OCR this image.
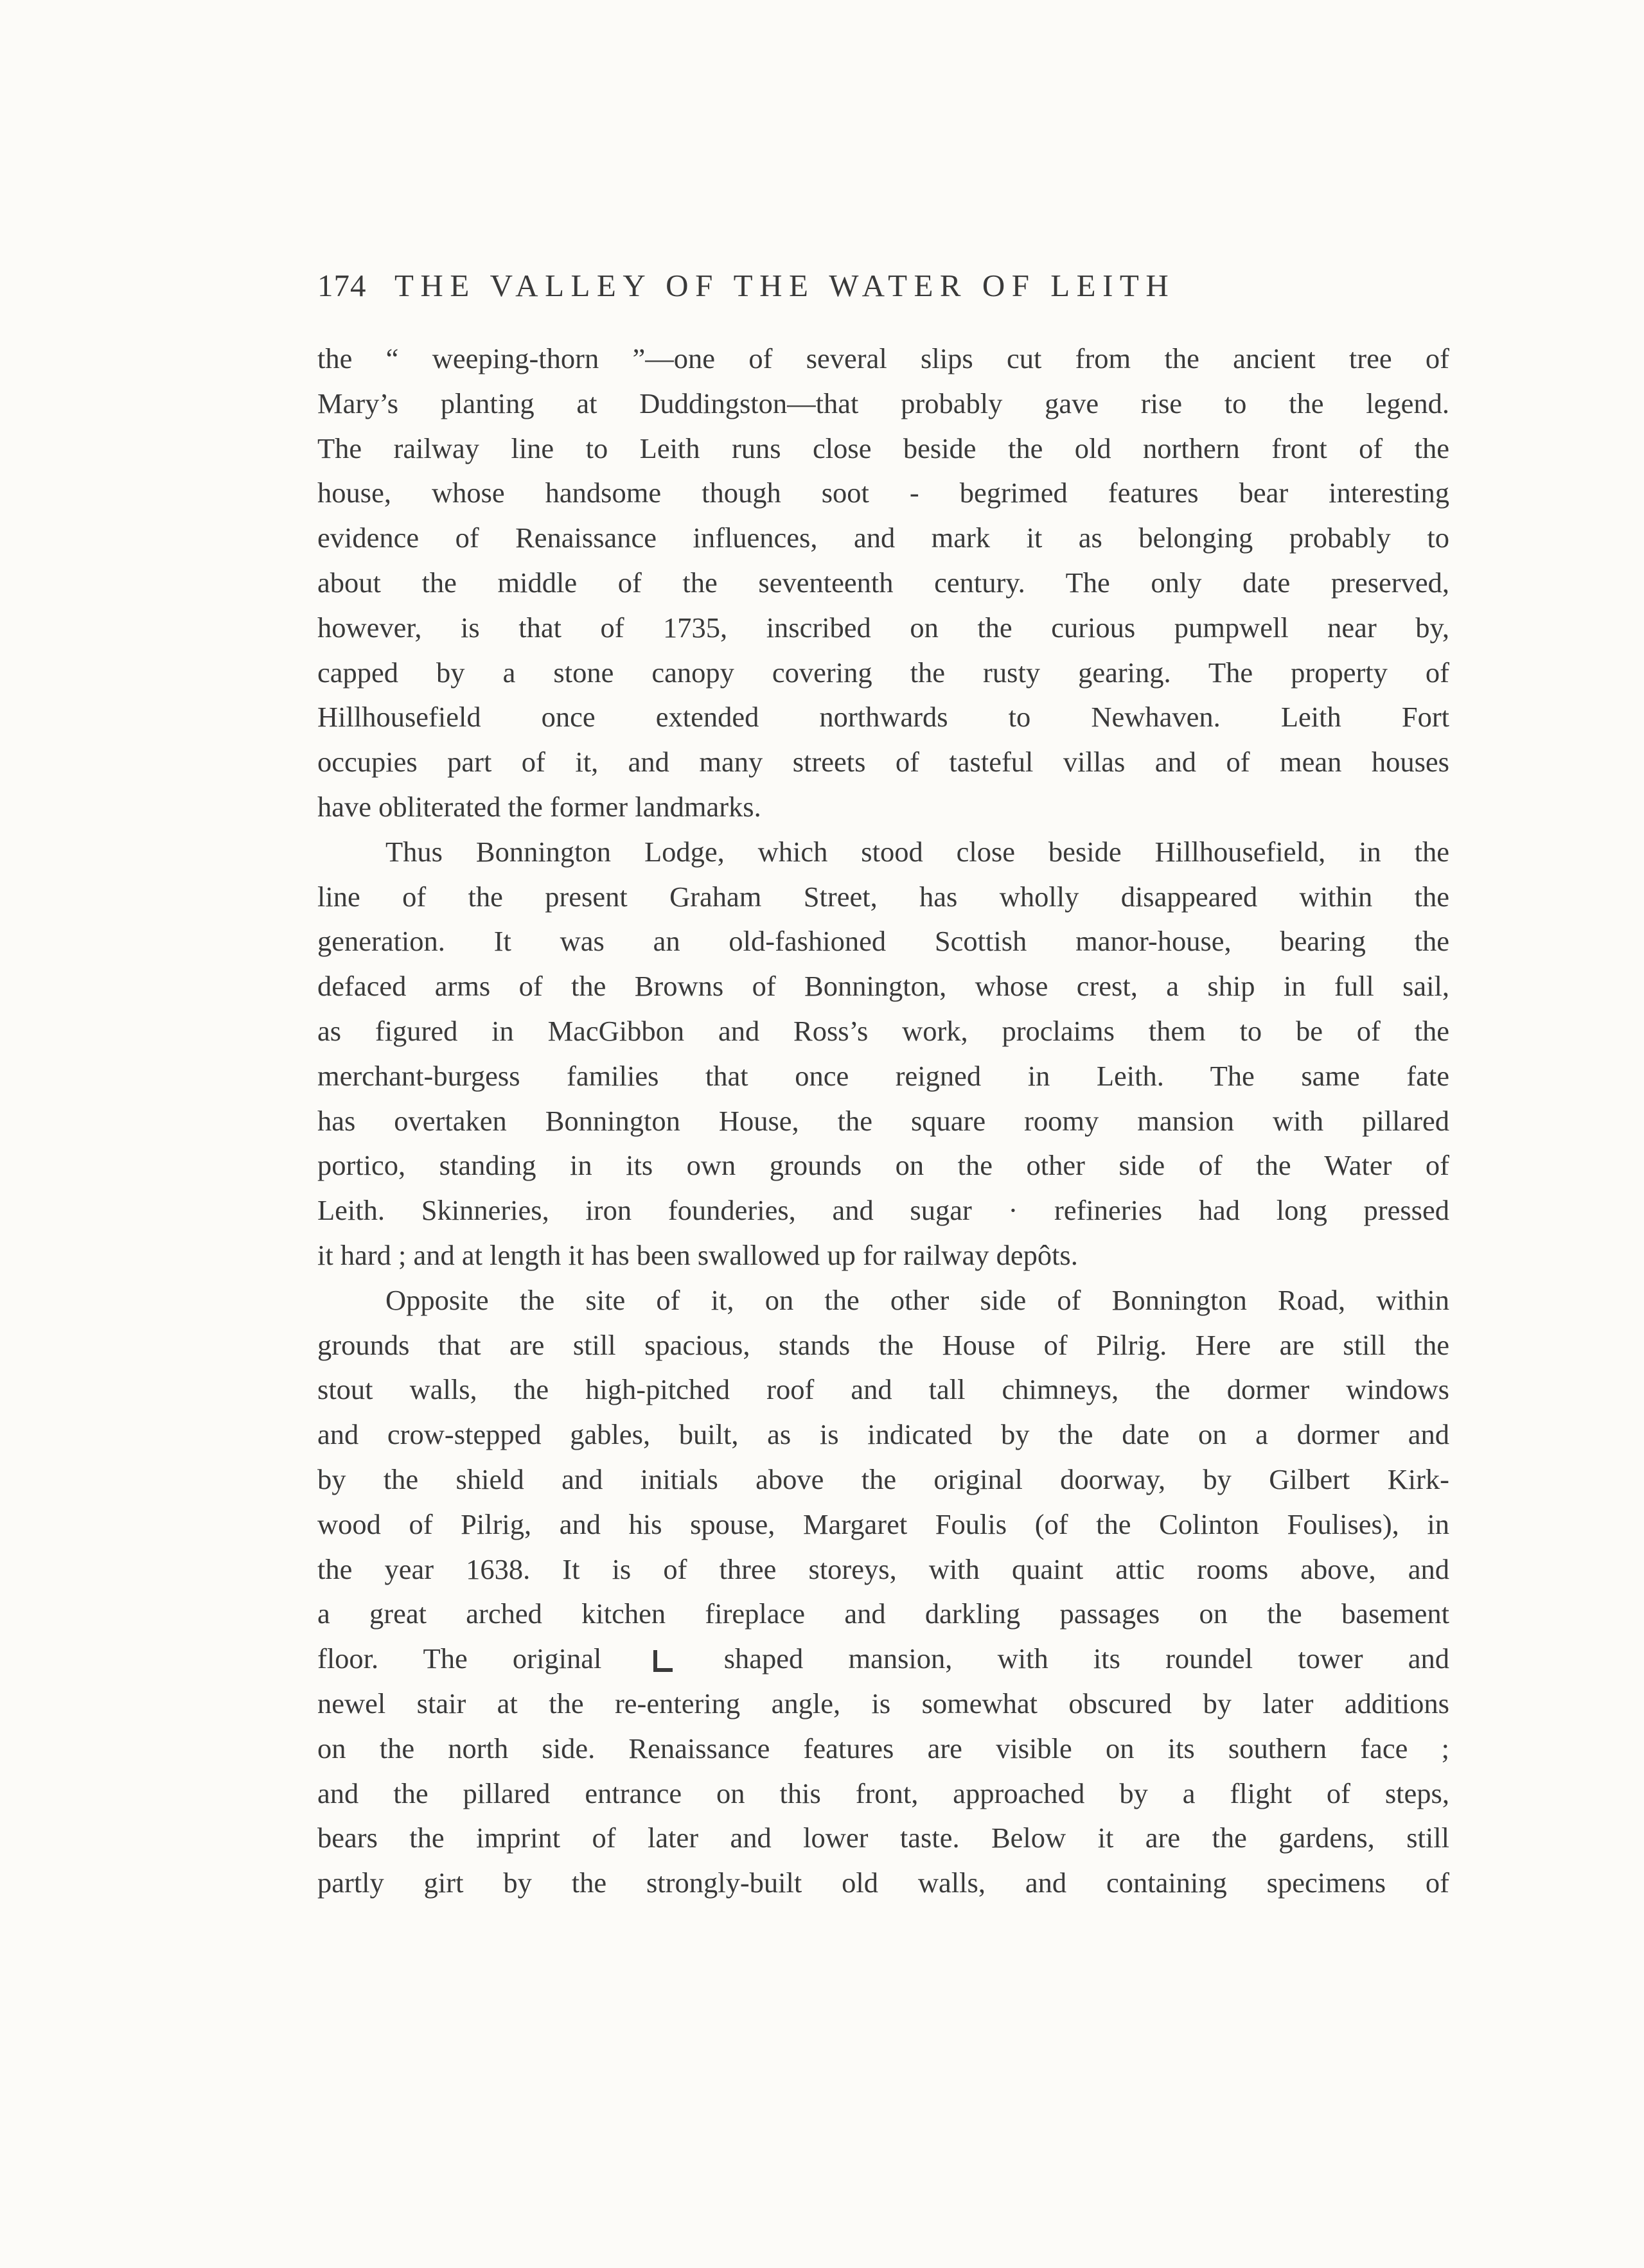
174 THE VALLEY OF THE WATER OF LEITH
the “ weeping-thorn ”—one of several slips cut from the ancient tree of
Mary’s planting at Duddingston—that probably gave rise to the legend.
The railway line to Leith runs close beside the old northern front of the
house, whose handsome though soot - begrimed features bear interesting
evidence of Renaissance influences, and mark it as belonging probably to
about the middle of the seventeenth century. The only date preserved,
however, is that of 1735, inscribed on the curious pumpwell near by,
capped by a stone canopy covering the rusty gearing. The property of
Hillhousefield once extended northwards to Newhaven. Leith Fort
occupies part of it, and many streets of tasteful villas and of mean houses
have obliterated the former landmarks.
Thus Bonnington Lodge, which stood close beside Hillhousefield, in the
line of the present Graham Street, has wholly disappeared within the
generation. It was an old-fashioned Scottish manor-house, bearing the
defaced arms of the Browns of Bonnington, whose crest, a ship in full sail,
as figured in MacGibbon and Ross’s work, proclaims them to be of the
merchant-burgess families that once reigned in Leith. The same fate
has overtaken Bonnington House, the square roomy mansion with pillared
portico, standing in its own grounds on the other side of the Water of
Leith. Skinneries, iron founderies, and sugar · refineries had long pressed
it hard ; and at length it has been swallowed up for railway depôts.
Opposite the site of it, on the other side of Bonnington Road, within
grounds that are still spacious, stands the House of Pilrig. Here are still the
stout walls, the high-pitched roof and tall chimneys, the dormer windows
and crow-stepped gables, built, as is indicated by the date on a dormer and
by the shield and initials above the original doorway, by Gilbert Kirk-
wood of Pilrig, and his spouse, Margaret Foulis (of the Colinton Foulises), in
the year 1638. It is of three storeys, with quaint attic rooms above, and
a great arched kitchen fireplace and darkling passages on the basement
floor. The original	shaped mansion, with its roundel tower and
newel stair at the re-entering angle, is somewhat obscured by later additions
on the north side. Renaissance features are visible on its southern face ;
and the pillared entrance on this front, approached by a flight of steps,
bears the imprint of later and lower taste. Below it are the gardens, still
partly girt by the strongly-built old walls, and containing specimens of
